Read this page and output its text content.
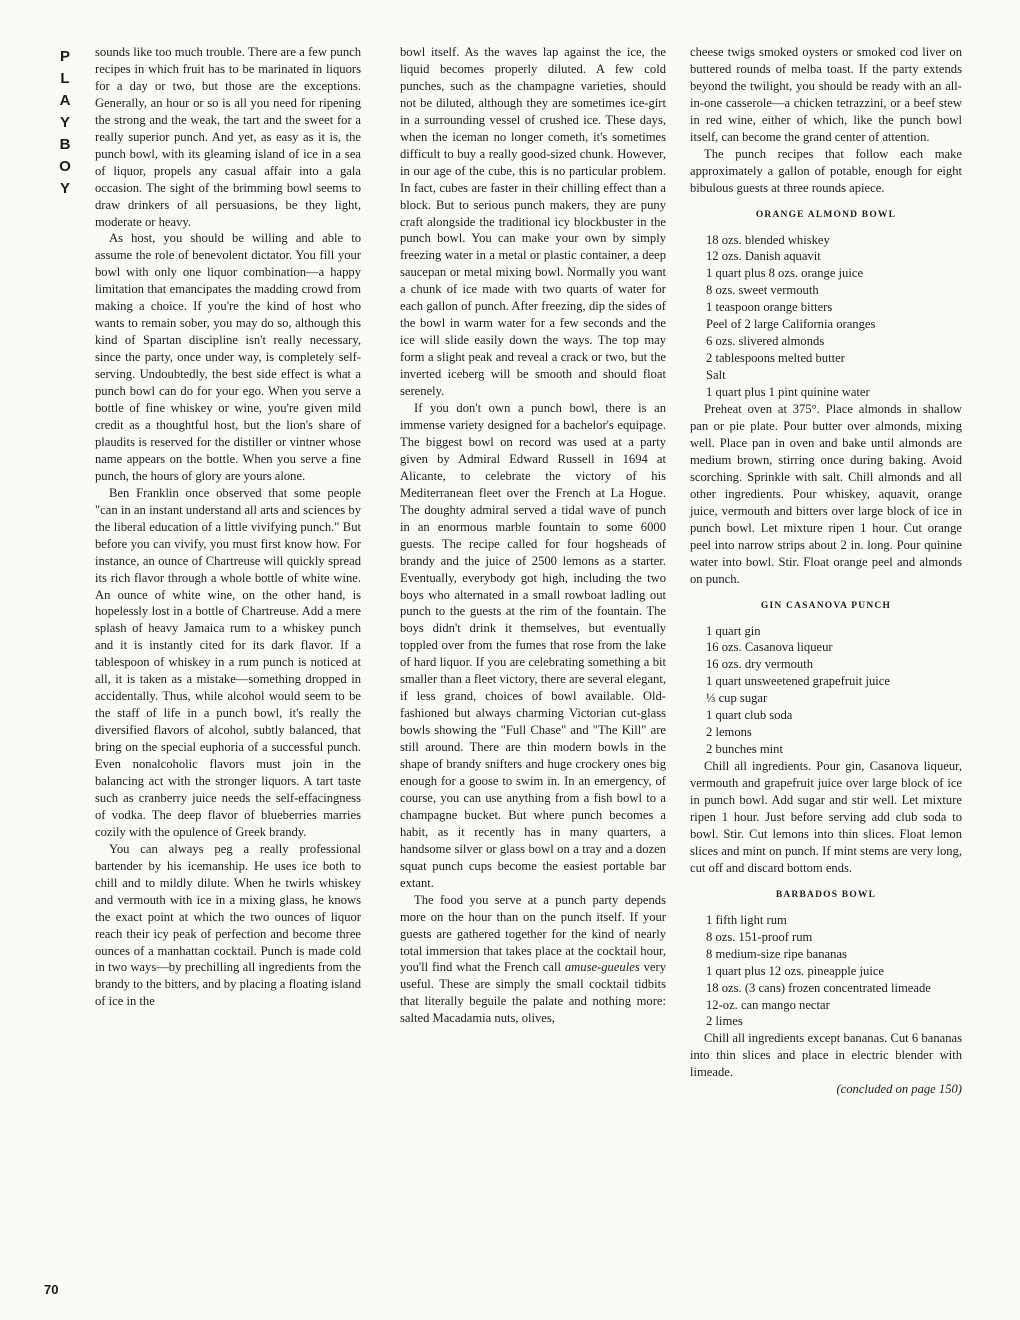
P
L
A
Y
B
O
Y
70

sounds like too much trouble. There are a few punch recipes in which fruit has to be marinated in liquors for a day or two, but those are the exceptions. Generally, an hour or so is all you need for ripening the strong and the weak, the tart and the sweet for a really superior punch. And yet, as easy as it is, the punch bowl, with its gleaming island of ice in a sea of liquor, propels any casual affair into a gala occasion. The sight of the brimming bowl seems to draw drinkers of all persuasions, be they light, moderate or heavy.

As host, you should be willing and able to assume the role of benevolent dictator. You fill your bowl with only one liquor combination—a happy limitation that emancipates the madding crowd from making a choice. If you're the kind of host who wants to remain sober, you may do so, although this kind of Spartan discipline isn't really necessary, since the party, once under way, is completely self-serving. Undoubtedly, the best side effect is what a punch bowl can do for your ego. When you serve a bottle of fine whiskey or wine, you're given mild credit as a thoughtful host, but the lion's share of plaudits is reserved for the distiller or vintner whose name appears on the bottle. When you serve a fine punch, the hours of glory are yours alone.

Ben Franklin once observed that some people "can in an instant understand all arts and sciences by the liberal education of a little vivifying punch." But before you can vivify, you must first know how. For instance, an ounce of Chartreuse will quickly spread its rich flavor through a whole bottle of white wine. An ounce of white wine, on the other hand, is hopelessly lost in a bottle of Chartreuse. Add a mere splash of heavy Jamaica rum to a whiskey punch and it is instantly cited for its dark flavor. If a tablespoon of whiskey in a rum punch is noticed at all, it is taken as a mistake—something dropped in accidentally. Thus, while alcohol would seem to be the staff of life in a punch bowl, it's really the diversified flavors of alcohol, subtly balanced, that bring on the special euphoria of a successful punch. Even nonalcoholic flavors must join in the balancing act with the stronger liquors. A tart taste such as cranberry juice needs the self-effacingness of vodka. The deep flavor of blueberries marries cozily with the opulence of Greek brandy.

You can always peg a really professional bartender by his icemanship. He uses ice both to chill and to mildly dilute. When he twirls whiskey and vermouth with ice in a mixing glass, he knows the exact point at which the two ounces of liquor reach their icy peak of perfection and become three ounces of a manhattan cocktail. Punch is made cold in two ways—by prechilling all ingredients from the brandy to the bitters, and by placing a floating island of ice in the

bowl itself. As the waves lap against the ice, the liquid becomes properly diluted. A few cold punches, such as the champagne varieties, should not be diluted, although they are sometimes ice-girt in a surrounding vessel of crushed ice. These days, when the iceman no longer cometh, it's sometimes difficult to buy a really good-sized chunk. However, in our age of the cube, this is no particular problem. In fact, cubes are faster in their chilling effect than a block. But to serious punch makers, they are puny craft alongside the traditional icy blockbuster in the punch bowl. You can make your own by simply freezing water in a metal or plastic container, a deep saucepan or metal mixing bowl. Normally you want a chunk of ice made with two quarts of water for each gallon of punch. After freezing, dip the sides of the bowl in warm water for a few seconds and the ice will slide easily down the ways. The top may form a slight peak and reveal a crack or two, but the inverted iceberg will be smooth and should float serenely.

If you don't own a punch bowl, there is an immense variety designed for a bachelor's equipage. The biggest bowl on record was used at a party given by Admiral Edward Russell in 1694 at Alicante, to celebrate the victory of his Mediterranean fleet over the French at La Hogue. The doughty admiral served a tidal wave of punch in an enormous marble fountain to some 6000 guests. The recipe called for four hogsheads of brandy and the juice of 2500 lemons as a starter. Eventually, everybody got high, including the two boys who alternated in a small rowboat ladling out punch to the guests at the rim of the fountain. The boys didn't drink it themselves, but eventually toppled over from the fumes that rose from the lake of hard liquor. If you are celebrating something a bit smaller than a fleet victory, there are several elegant, if less grand, choices of bowl available. Old-fashioned but always charming Victorian cut-glass bowls showing the "Full Chase" and "The Kill" are still around. There are thin modern bowls in the shape of brandy snifters and huge crockery ones big enough for a goose to swim in. In an emergency, of course, you can use anything from a fish bowl to a champagne bucket. But where punch becomes a habit, as it recently has in many quarters, a handsome silver or glass bowl on a tray and a dozen squat punch cups become the easiest portable bar extant.

The food you serve at a punch party depends more on the hour than on the punch itself. If your guests are gathered together for the kind of nearly total immersion that takes place at the cocktail hour, you'll find what the French call amuse-gueules very useful. These are simply the small cocktail tidbits that literally beguile the palate and nothing more: salted Macadamia nuts, olives,

cheese twigs smoked oysters or smoked cod liver on buttered rounds of melba toast. If the party extends beyond the twilight, you should be ready with an all-in-one casserole—a chicken tetrazzini, or a beef stew in red wine, either of which, like the punch bowl itself, can become the grand center of attention.

The punch recipes that follow each make approximately a gallon of potable, enough for eight bibulous guests at three rounds apiece.

ORANGE ALMOND BOWL
18 ozs. blended whiskey
12 ozs. Danish aquavit
1 quart plus 8 ozs. orange juice
8 ozs. sweet vermouth
1 teaspoon orange bitters
Peel of 2 large California oranges
6 ozs. slivered almonds
2 tablespoons melted butter
Salt
1 quart plus 1 pint quinine water

Preheat oven at 375°. Place almonds in shallow pan or pie plate. Pour butter over almonds, mixing well. Place pan in oven and bake until almonds are medium brown, stirring once during baking. Avoid scorching. Sprinkle with salt. Chill almonds and all other ingredients. Pour whiskey, aquavit, orange juice, vermouth and bitters over large block of ice in punch bowl. Let mixture ripen 1 hour. Cut orange peel into narrow strips about 2 in. long. Pour quinine water into bowl. Stir. Float orange peel and almonds on punch.

GIN CASANOVA PUNCH
1 quart gin
16 ozs. Casanova liqueur
16 ozs. dry vermouth
1 quart unsweetened grapefruit juice
⅓ cup sugar
1 quart club soda
2 lemons
2 bunches mint

Chill all ingredients. Pour gin, Casanova liqueur, vermouth and grapefruit juice over large block of ice in punch bowl. Add sugar and stir well. Let mixture ripen 1 hour. Just before serving add club soda to bowl. Stir. Cut lemons into thin slices. Float lemon slices and mint on punch. If mint stems are very long, cut off and discard bottom ends.

BARBADOS BOWL
1 fifth light rum
8 ozs. 151-proof rum
8 medium-size ripe bananas
1 quart plus 12 ozs. pineapple juice
18 ozs. (3 cans) frozen concentrated limeade
12-oz. can mango nectar
2 limes

Chill all ingredients except bananas. Cut 6 bananas into thin slices and place in electric blender with limeade.

(concluded on page 150)
